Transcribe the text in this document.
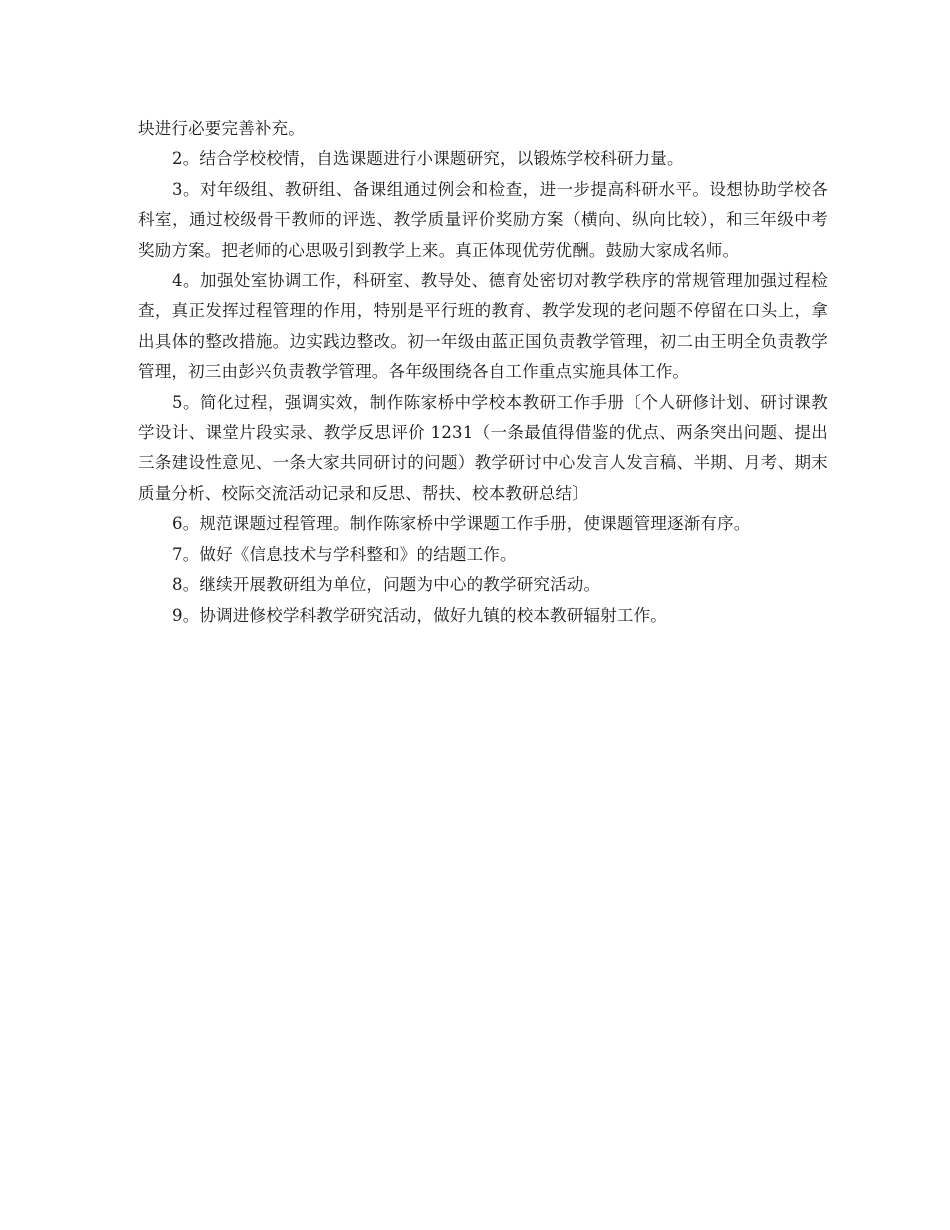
块进行必要完善补充。

2。结合学校校情，自选课题进行小课题研究，以锻炼学校科研力量。

3。对年级组、教研组、备课组通过例会和检查，进一步提高科研水平。设想协助学校各科室，通过校级骨干教师的评选、教学质量评价奖励方案（横向、纵向比较），和三年级中考奖励方案。把老师的心思吸引到教学上来。真正体现优劳优酬。鼓励大家成名师。

4。加强处室协调工作，科研室、教导处、德育处密切对教学秩序的常规管理加强过程检查，真正发挥过程管理的作用，特别是平行班的教育、教学发现的老问题不停留在口头上，拿出具体的整改措施。边实践边整改。初一年级由蓝正国负责教学管理，初二由王明全负责教学管理，初三由彭兴负责教学管理。各年级围绕各自工作重点实施具体工作。

5。简化过程，强调实效，制作陈家桥中学校本教研工作手册〔个人研修计划、研讨课教学设计、课堂片段实录、教学反思评价 1231（一条最值得借鉴的优点、两条突出问题、提出三条建设性意见、一条大家共同研讨的问题）教学研讨中心发言人发言稿、半期、月考、期末质量分析、校际交流活动记录和反思、帮扶、校本教研总结〕

6。规范课题过程管理。制作陈家桥中学课题工作手册，使课题管理逐渐有序。

7。做好《信息技术与学科整和》的结题工作。

8。继续开展教研组为单位，问题为中心的教学研究活动。

9。协调进修校学科教学研究活动，做好九镇的校本教研辐射工作。
